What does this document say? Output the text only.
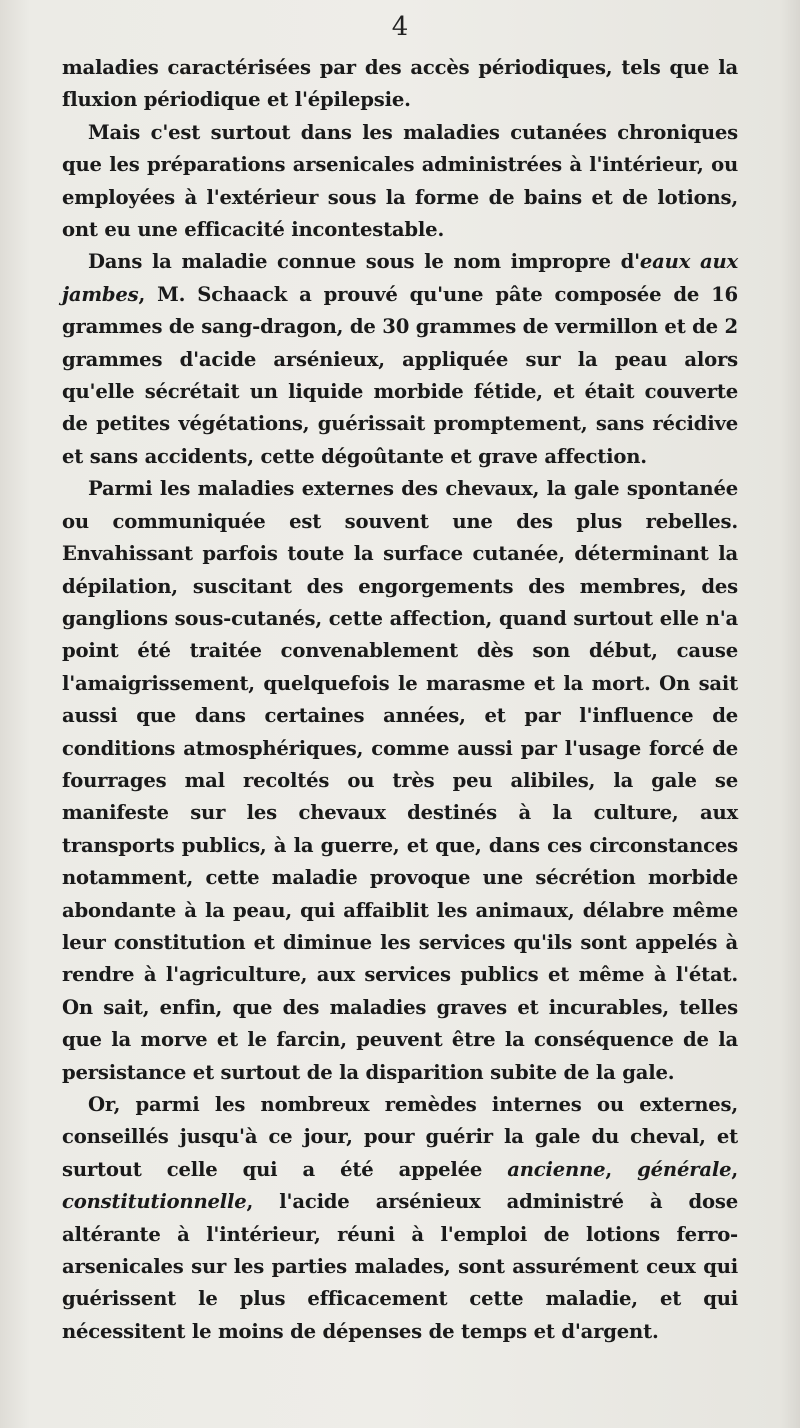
4

maladies caractérisées par des accès périodiques, tels que la fluxion périodique et l'épilepsie.

Mais c'est surtout dans les maladies cutanées chroniques que les préparations arsenicales administrées à l'intérieur, ou employées à l'extérieur sous la forme de bains et de lotions, ont eu une efficacité incontestable.

Dans la maladie connue sous le nom impropre d'eaux aux jambes, M. Schaack a prouvé qu'une pâte composée de 16 grammes de sang-dragon, de 30 grammes de vermillon et de 2 grammes d'acide arsénieux, appliquée sur la peau alors qu'elle sécrétait un liquide morbide fétide, et était couverte de petites végétations, guérissait promptement, sans récidive et sans accidents, cette dégoûtante et grave affection.

Parmi les maladies externes des chevaux, la gale spontanée ou communiquée est souvent une des plus rebelles. Envahissant parfois toute la surface cutanée, déterminant la dépilation, suscitant des engorgements des membres, des ganglions sous-cutanés, cette affection, quand surtout elle n'a point été traitée convenablement dès son début, cause l'amaigrissement, quelquefois le marasme et la mort. On sait aussi que dans certaines années, et par l'influence de conditions atmosphériques, comme aussi par l'usage forcé de fourrages mal recoltés ou très peu alibiles, la gale se manifeste sur les chevaux destinés à la culture, aux transports publics, à la guerre, et que, dans ces circonstances notamment, cette maladie provoque une sécrétion morbide abondante à la peau, qui affaiblit les animaux, délabre même leur constitution et diminue les services qu'ils sont appelés à rendre à l'agriculture, aux services publics et même à l'état. On sait, enfin, que des maladies graves et incurables, telles que la morve et le farcin, peuvent être la conséquence de la persistance et surtout de la disparition subite de la gale.

Or, parmi les nombreux remèdes internes ou externes, conseillés jusqu'à ce jour, pour guérir la gale du cheval, et surtout celle qui a été appelée ancienne, générale, constitutionnelle, l'acide arsénieux administré à dose altérante à l'intérieur, réuni à l'emploi de lotions ferro-arsenicales sur les parties malades, sont assurément ceux qui guérissent le plus efficacement cette maladie, et qui nécessitent le moins de dépenses de temps et d'argent.
